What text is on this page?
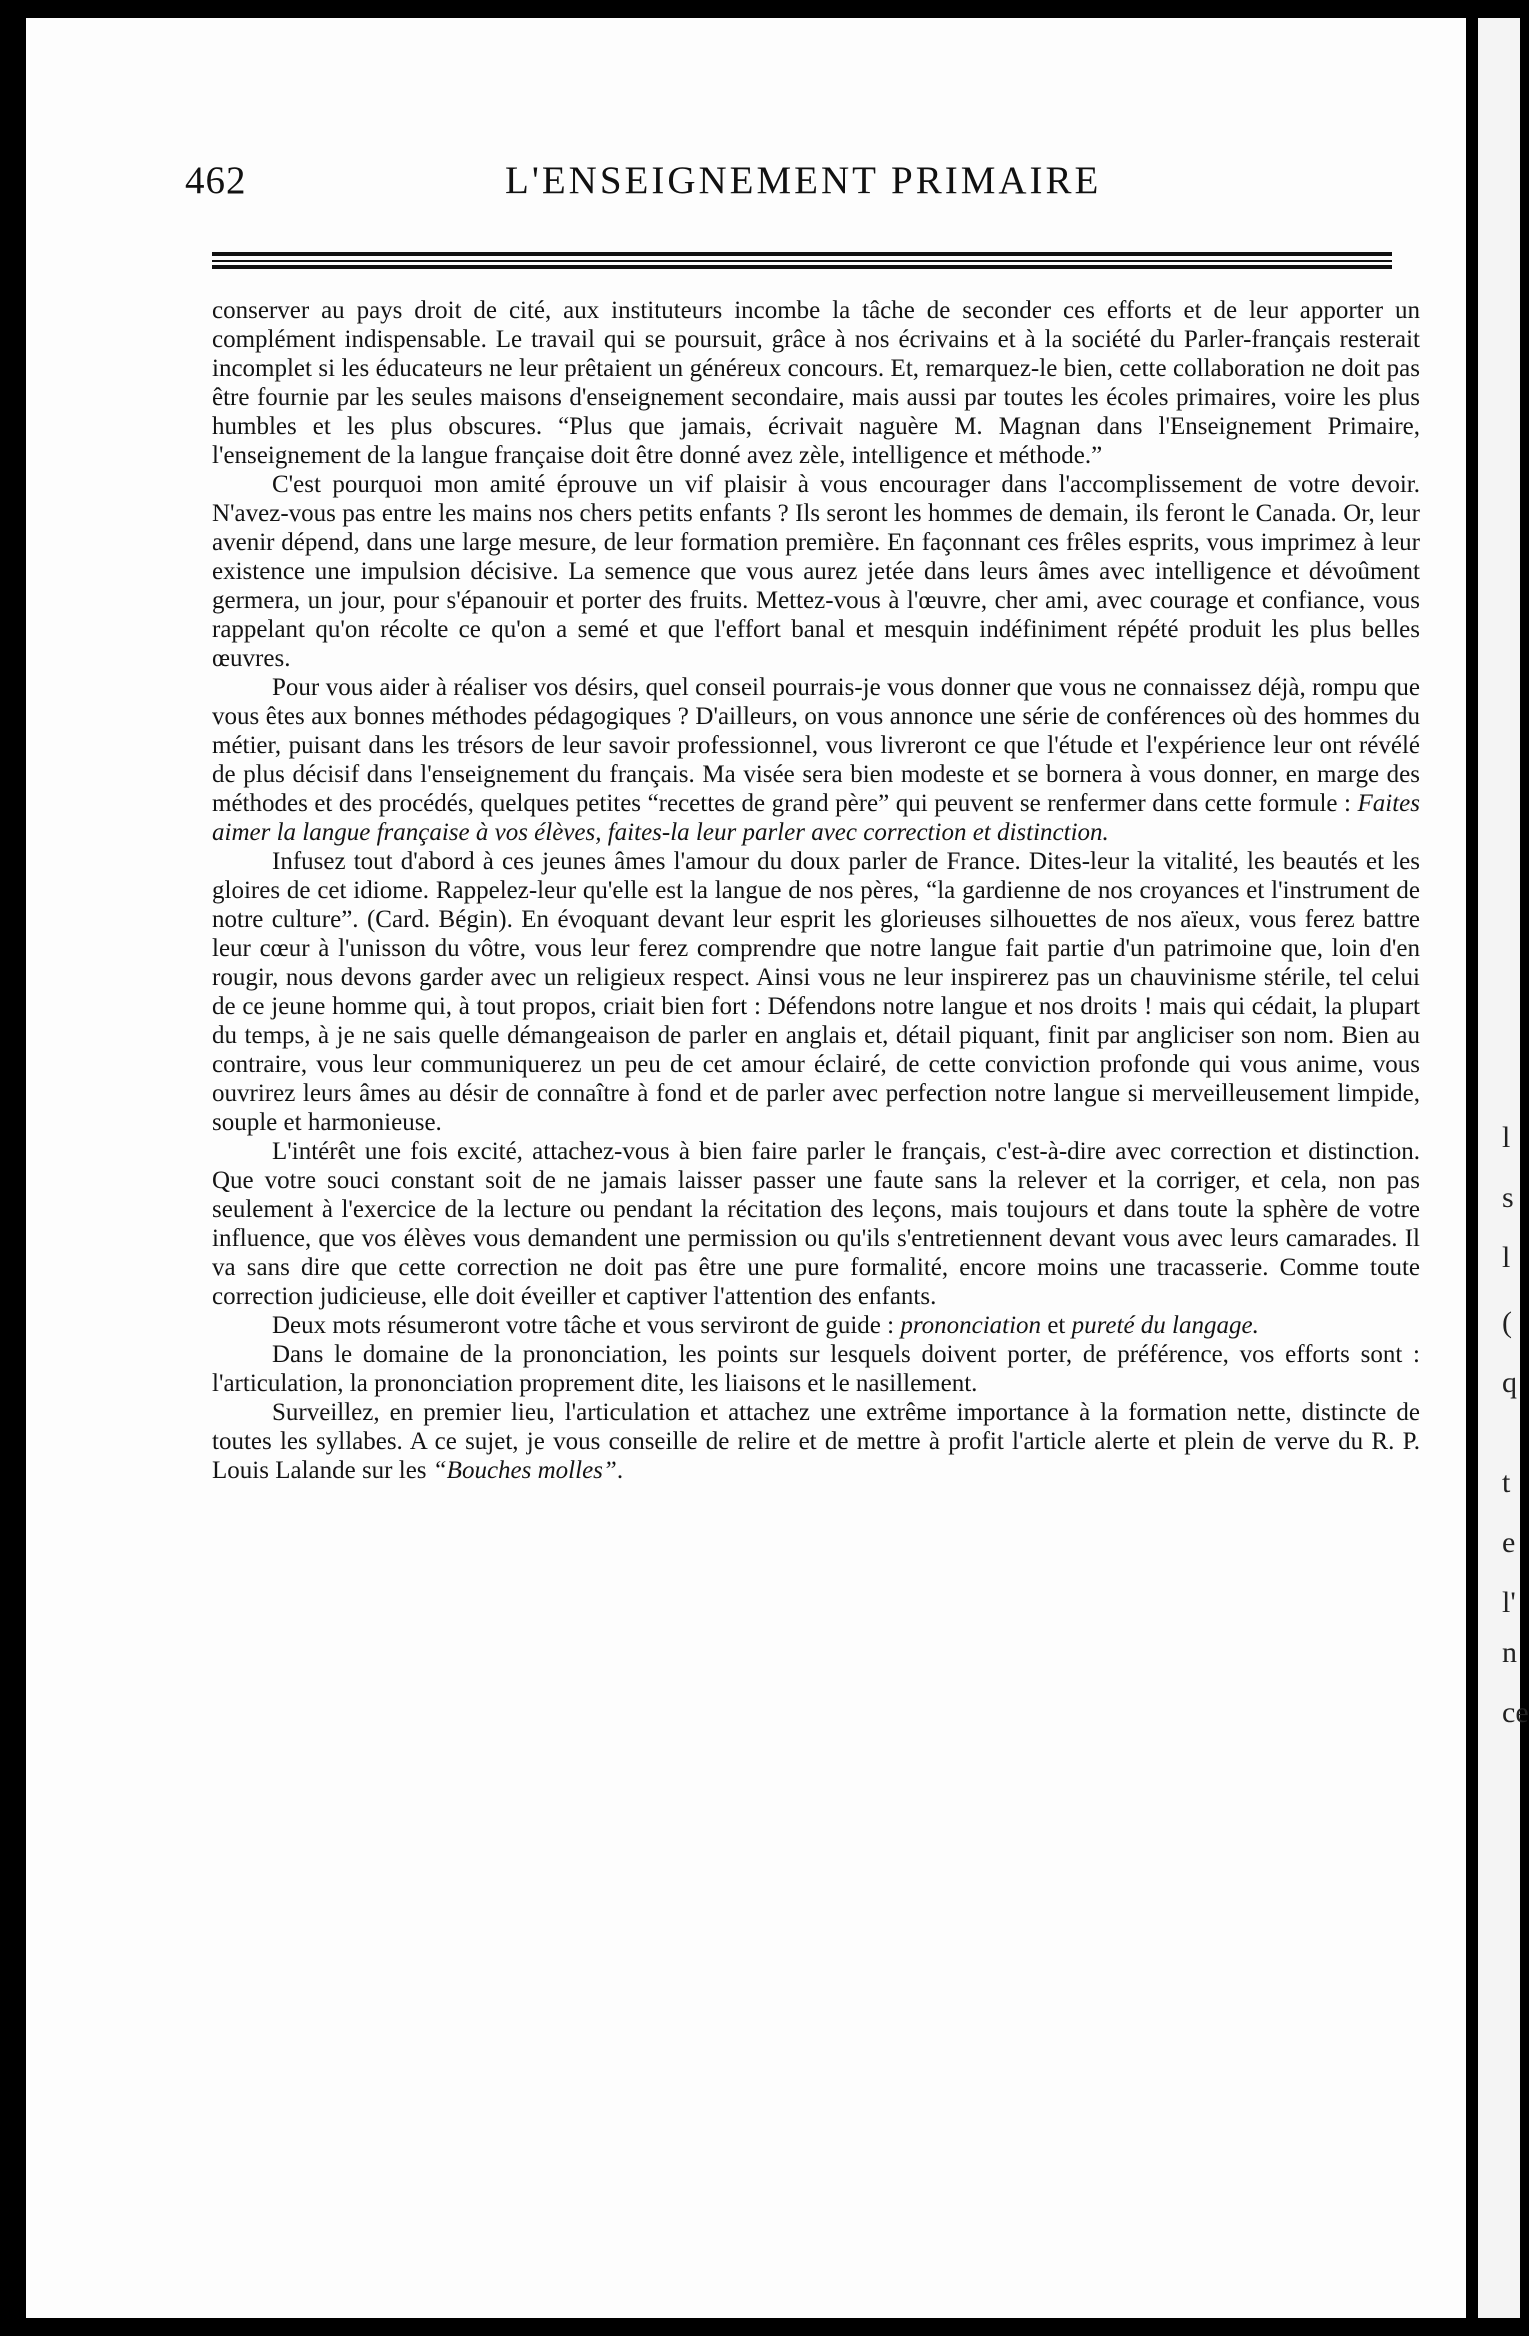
l
s
l
(
q
t
e
l'
n
ce
462	L'ENSEIGNEMENT PRIMAIRE

conserver au pays droit de cité, aux instituteurs incombe la tâche de seconder ces efforts et de leur apporter un complément indispensable. Le travail qui se poursuit, grâce à nos écrivains et à la société du Parler-français resterait incomplet si les éducateurs ne leur prêtaient un généreux concours. Et, remarquez-le bien, cette collaboration ne doit pas être fournie par les seules maisons d'enseignement secondaire, mais aussi par toutes les écoles primaires, voire les plus humbles et les plus obscures. “Plus que jamais, écrivait naguère M. Magnan dans l'Enseignement Primaire, l'enseignement de la langue française doit être donné avez zèle, intelligence et méthode.”

C'est pourquoi mon amité éprouve un vif plaisir à vous encourager dans l'accomplissement de votre devoir. N'avez-vous pas entre les mains nos chers petits enfants ? Ils seront les hommes de demain, ils feront le Canada. Or, leur avenir dépend, dans une large mesure, de leur formation première. En façonnant ces frêles esprits, vous imprimez à leur existence une impulsion décisive. La semence que vous aurez jetée dans leurs âmes avec intelligence et dévoûment germera, un jour, pour s'épanouir et porter des fruits. Mettez-vous à l'œuvre, cher ami, avec courage et confiance, vous rappelant qu'on récolte ce qu'on a semé et que l'effort banal et mesquin indéfiniment répété produit les plus belles œuvres.

Pour vous aider à réaliser vos désirs, quel conseil pourrais-je vous donner que vous ne connaissez déjà, rompu que vous êtes aux bonnes méthodes pédagogiques ? D'ailleurs, on vous annonce une série de conférences où des hommes du métier, puisant dans les trésors de leur savoir professionnel, vous livreront ce que l'étude et l'expérience leur ont révélé de plus décisif dans l'enseignement du français. Ma visée sera bien modeste et se bornera à vous donner, en marge des méthodes et des procédés, quelques petites “recettes de grand père” qui peuvent se renfermer dans cette formule : Faites aimer la langue française à vos élèves, faites-la leur parler avec correction et distinction.

Infusez tout d'abord à ces jeunes âmes l'amour du doux parler de France. Dites-leur la vitalité, les beautés et les gloires de cet idiome. Rappelez-leur qu'elle est la langue de nos pères, “la gardienne de nos croyances et l'instrument de notre culture”. (Card. Bégin). En évoquant devant leur esprit les glorieuses silhouettes de nos aïeux, vous ferez battre leur cœur à l'unisson du vôtre, vous leur ferez comprendre que notre langue fait partie d'un patrimoine que, loin d'en rougir, nous devons garder avec un religieux respect. Ainsi vous ne leur inspirerez pas un chauvinisme stérile, tel celui de ce jeune homme qui, à tout propos, criait bien fort : Défendons notre langue et nos droits ! mais qui cédait, la plupart du temps, à je ne sais quelle démangeaison de parler en anglais et, détail piquant, finit par angliciser son nom. Bien au contraire, vous leur communiquerez un peu de cet amour éclairé, de cette conviction profonde qui vous anime, vous ouvrirez leurs âmes au désir de connaître à fond et de parler avec perfection notre langue si merveilleusement limpide, souple et harmonieuse.

L'intérêt une fois excité, attachez-vous à bien faire parler le français, c'est-à-dire avec correction et distinction. Que votre souci constant soit de ne jamais laisser passer une faute sans la relever et la corriger, et cela, non pas seulement à l'exercice de la lecture ou pendant la récitation des leçons, mais toujours et dans toute la sphère de votre influence, que vos élèves vous demandent une permission ou qu'ils s'entretiennent devant vous avec leurs camarades. Il va sans dire que cette correction ne doit pas être une pure formalité, encore moins une tracasserie. Comme toute correction judicieuse, elle doit éveiller et captiver l'attention des enfants.

Deux mots résumeront votre tâche et vous serviront de guide : prononciation et pureté du langage.

Dans le domaine de la prononciation, les points sur lesquels doivent porter, de préférence, vos efforts sont : l'articulation, la prononciation proprement dite, les liaisons et le nasillement.

Surveillez, en premier lieu, l'articulation et attachez une extrême importance à la formation nette, distincte de toutes les syllabes. A ce sujet, je vous conseille de relire et de mettre à profit l'article alerte et plein de verve du R. P. Louis Lalande sur les “Bouches molles”.
